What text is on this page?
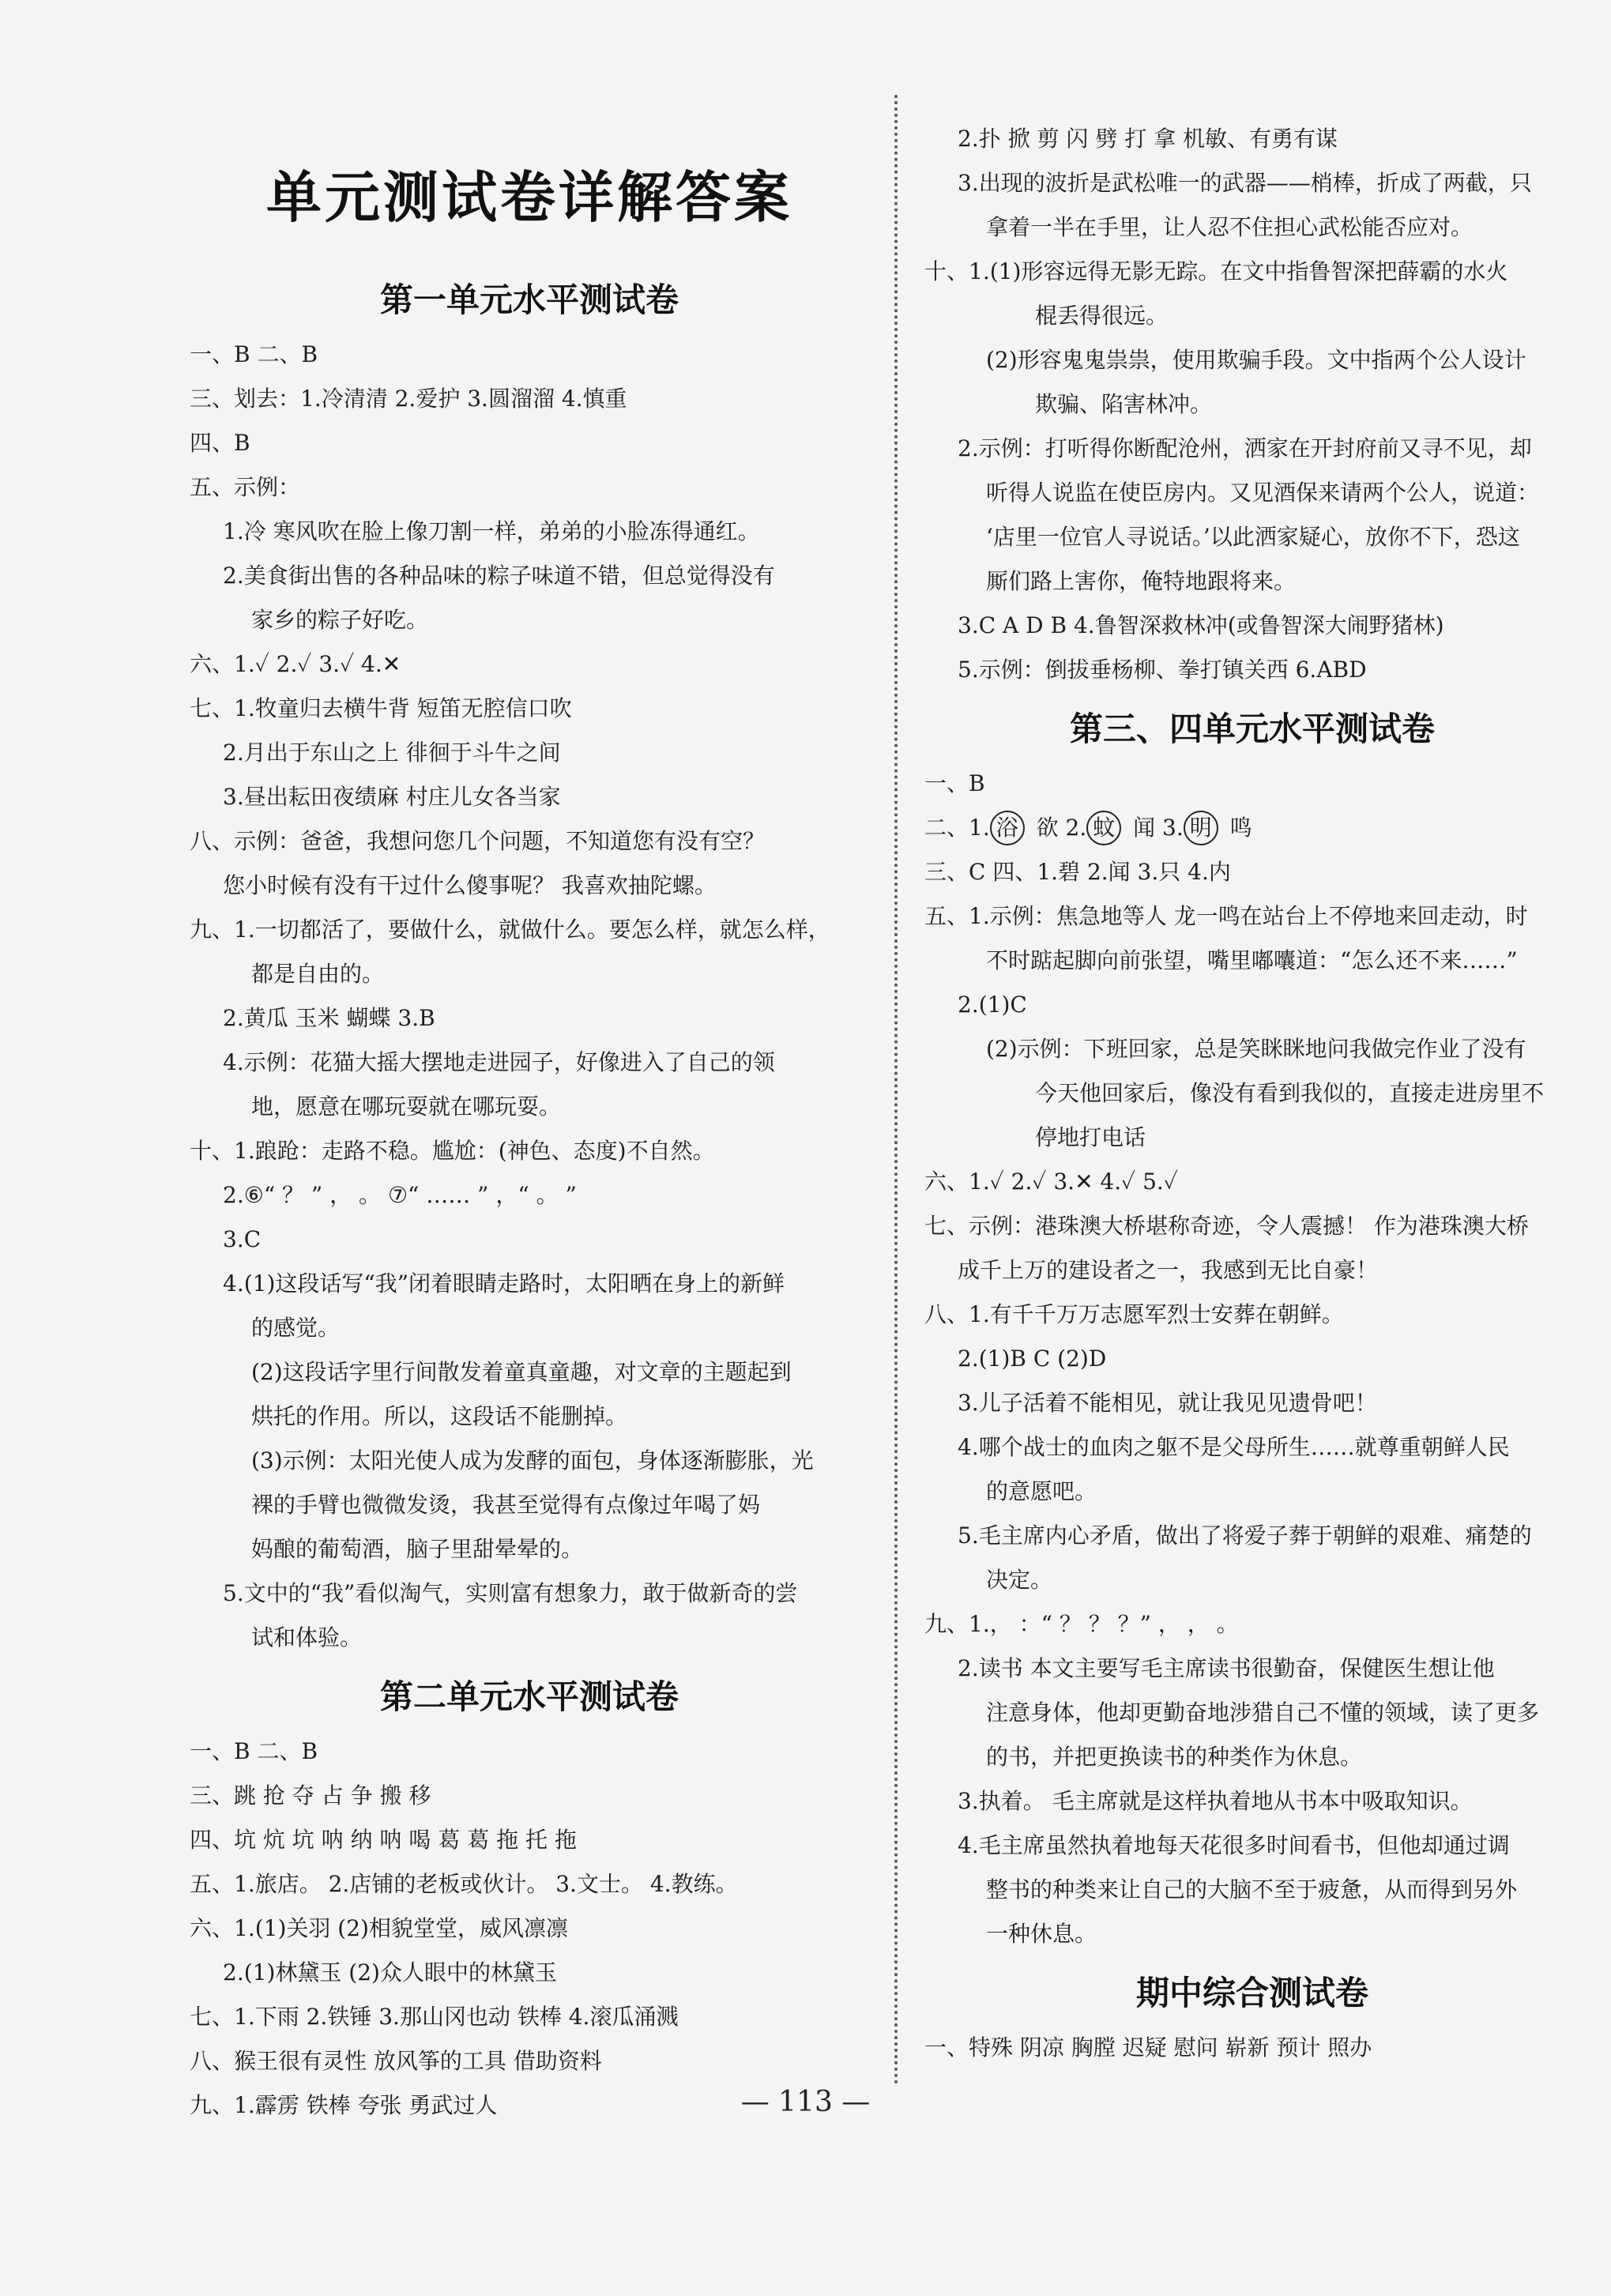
单元测试卷详解答案
第一单元水平测试卷
一、B 二、B
三、划去：1.冷清清 2.爱护 3.圆溜溜 4.慎重
四、B
五、示例：
1.冷 寒风吹在脸上像刀割一样，弟弟的小脸冻得通红。
2.美食街出售的各种品味的粽子味道不错，但总觉得没有
家乡的粽子好吃。
六、1.✓ 2.✓ 3.✓ 4.✕
七、1.牧童归去横牛背 短笛无腔信口吹
2.月出于东山之上 徘徊于斗牛之间
3.昼出耘田夜绩麻 村庄儿女各当家
八、示例：爸爸，我想问您几个问题，不知道您有没有空？
您小时候有没有干过什么傻事呢？ 我喜欢抽陀螺。
九、1.一切都活了，要做什么，就做什么。要怎么样，就怎么样，
都是自由的。
2.黄瓜 玉米 蝴蝶 3.B
4.示例：花猫大摇大摆地走进园子，好像进入了自己的领
地，愿意在哪玩耍就在哪玩耍。
十、1.踉跄：走路不稳。尴尬：(神色、态度)不自然。
2.⑥“ ？ ” ， 。 ⑦“ …… ” ，“ 。 ”
3.C
4.(1)这段话写“我”闭着眼睛走路时，太阳晒在身上的新鲜
的感觉。
(2)这段话字里行间散发着童真童趣，对文章的主题起到
烘托的作用。所以，这段话不能删掉。
(3)示例：太阳光使人成为发酵的面包，身体逐渐膨胀，光
裸的手臂也微微发烫，我甚至觉得有点像过年喝了妈
妈酿的葡萄酒，脑子里甜晕晕的。
5.文中的“我”看似淘气，实则富有想象力，敢于做新奇的尝
试和体验。
第二单元水平测试卷
一、B 二、B
三、跳 抢 夺 占 争 搬 移
四、坑 炕 坑 呐 纳 呐 喝 葛 葛 拖 托 拖
五、1.旅店。 2.店铺的老板或伙计。 3.文士。 4.教练。
六、1.(1)关羽 (2)相貌堂堂，威风凛凛
2.(1)林黛玉 (2)众人眼中的林黛玉
七、1.下雨 2.铁锤 3.那山冈也动 铁棒 4.滚瓜涌溅
八、猴王很有灵性 放风筝的工具 借助资料
九、1.霹雳 铁棒 夸张 勇武过人
2.扑 掀 剪 闪 劈 打 拿 机敏、有勇有谋
3.出现的波折是武松唯一的武器——梢棒，折成了两截，只
拿着一半在手里，让人忍不住担心武松能否应对。
十、1.(1)形容远得无影无踪。在文中指鲁智深把薛霸的水火
棍丢得很远。
(2)形容鬼鬼祟祟，使用欺骗手段。文中指两个公人设计
欺骗、陷害林冲。
2.示例：打听得你断配沧州，洒家在开封府前又寻不见，却
听得人说监在使臣房内。又见酒保来请两个公人，说道：
‘店里一位官人寻说话。’以此洒家疑心，放你不下，恐这
厮们路上害你，俺特地跟将来。
3.C A D B 4.鲁智深救林冲(或鲁智深大闹野猪林)
5.示例：倒拔垂杨柳、拳打镇关西 6.ABD
第三、四单元水平测试卷
一、B
二、1. 浴 欲 2. 蚊 闻 3. 明 鸣
三、C 四、1.碧 2.闻 3.只 4.内
五、1.示例：焦急地等人 龙一鸣在站台上不停地来回走动，时
不时踮起脚向前张望，嘴里嘟囔道：“怎么还不来……”
2.(1)C
(2)示例：下班回家，总是笑眯眯地问我做完作业了没有
今天他回家后，像没有看到我似的，直接走进房里不
停地打电话
六、1.✓ 2.✓ 3.✕ 4.✓ 5.✓
七、示例：港珠澳大桥堪称奇迹，令人震撼！ 作为港珠澳大桥
成千上万的建设者之一，我感到无比自豪！
八、1.有千千万万志愿军烈士安葬在朝鲜。
2.(1)B C (2)D
3.儿子活着不能相见，就让我见见遗骨吧！
4.哪个战士的血肉之躯不是父母所生……就尊重朝鲜人民
的意愿吧。
5.毛主席内心矛盾，做出了将爱子葬于朝鲜的艰难、痛楚的
决定。
九、1.， ：“ ？ ？ ？” ， ， 。
2.读书 本文主要写毛主席读书很勤奋，保健医生想让他
注意身体，他却更勤奋地涉猎自己不懂的领域，读了更多
的书，并把更换读书的种类作为休息。
3.执着。 毛主席就是这样执着地从书本中吸取知识。
4.毛主席虽然执着地每天花很多时间看书，但他却通过调
整书的种类来让自己的大脑不至于疲惫，从而得到另外
一种休息。
期中综合测试卷
一、特殊 阴凉 胸膛 迟疑 慰问 崭新 预计 照办
— 113 —
